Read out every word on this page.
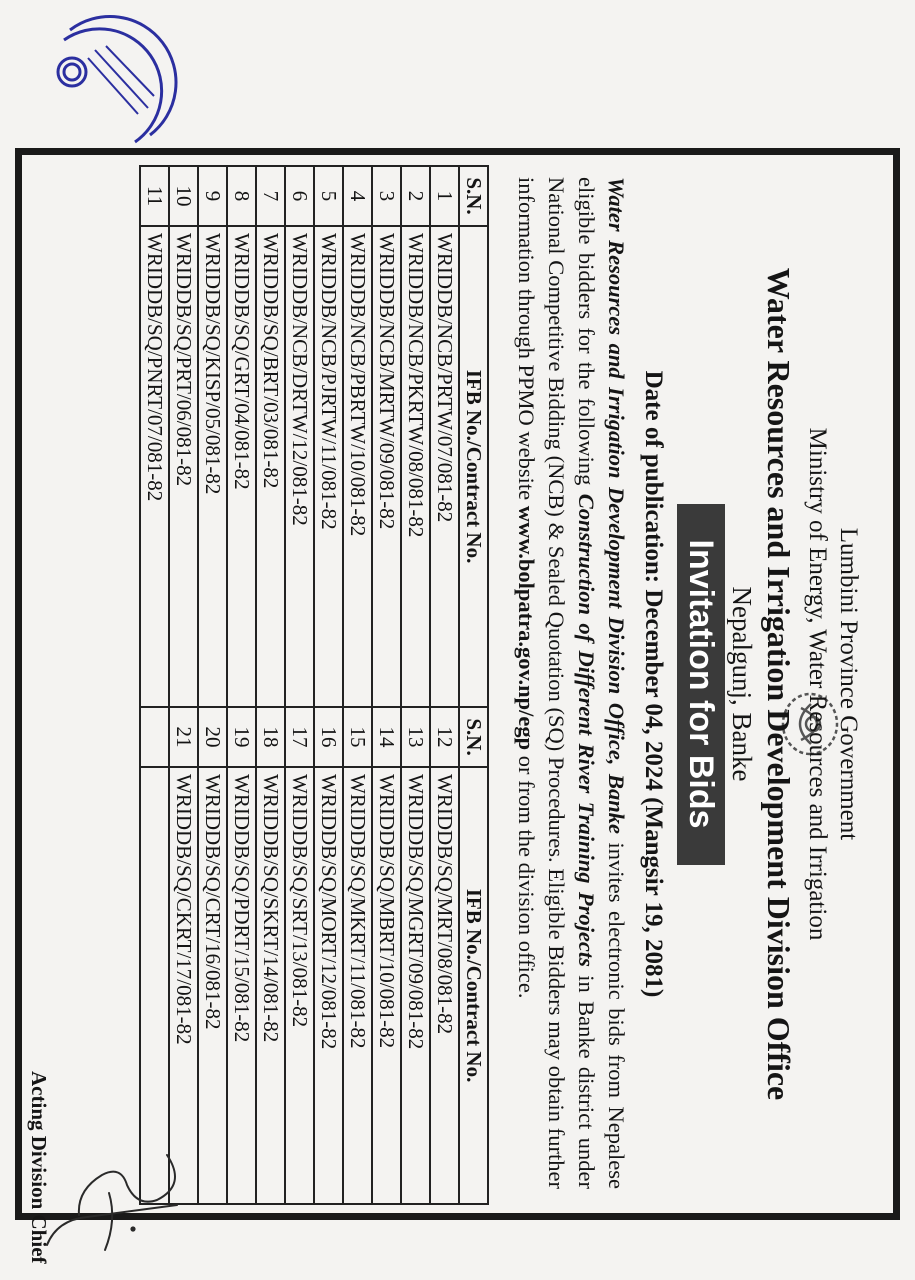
Lumbini Province Government
Ministry of Energy, Water Resources and Irrigation
Water Resources and Irrigation Development Division Office
Nepalgunj, Banke
Invitation for Bids
Date of publication: December 04, 2024 (Mangsir 19, 2081)
Water Resources and Irrigation Development Division Office, Banke invites electronic bids from Nepalese eligible bidders for the following Construction of Different River Training Projects in Banke district under National Competitive Bidding (NCB) & Sealed Quotation (SQ) Procedures. Eligible Bidders may obtain further information through PPMO website www.bolpatra.gov.np/egp or from the division office.
S.N.	IFB No./Contract No.	S.N.	IFB No./Contract No.
1	WRIDDB/NCB/PRTW/07/081-82	12	WRIDDB/SQ/MRT/08/081-82
2	WRIDDB/NCB/PKRTW/08/081-82	13	WRIDDB/SQ/MGRT/09/081-82
3	WRIDDB/NCB/MRTW/09/081-82	14	WRIDDB/SQ/MBRT/10/081-82
4	WRIDDB/NCB/PBRTW/10/081-82	15	WRIDDB/SQ/MKRT/11/081-82
5	WRIDDB/NCB/PJRTW/11/081-82	16	WRIDDB/SQ/MORT/12/081-82
6	WRIDDB/NCB/DRTW/12/081-82	17	WRIDDB/SQ/SRT/13/081-82
7	WRIDDB/SQ/BRT/03/081-82	18	WRIDDB/SQ/SKRT/14/081-82
8	WRIDDB/SQ/GRT/04/081-82	19	WRIDDB/SQ/PDRT/15/081-82
9	WRIDDB/SQ/KISP/05/081-82	20	WRIDDB/SQ/CRT/16/081-82
10	WRIDDB/SQ/PRT/06/081-82	21	WRIDDB/SQ/CKRT/17/081-82
11	WRIDDB/SQ/PNRT/07/081-82		
Acting Division Chief
